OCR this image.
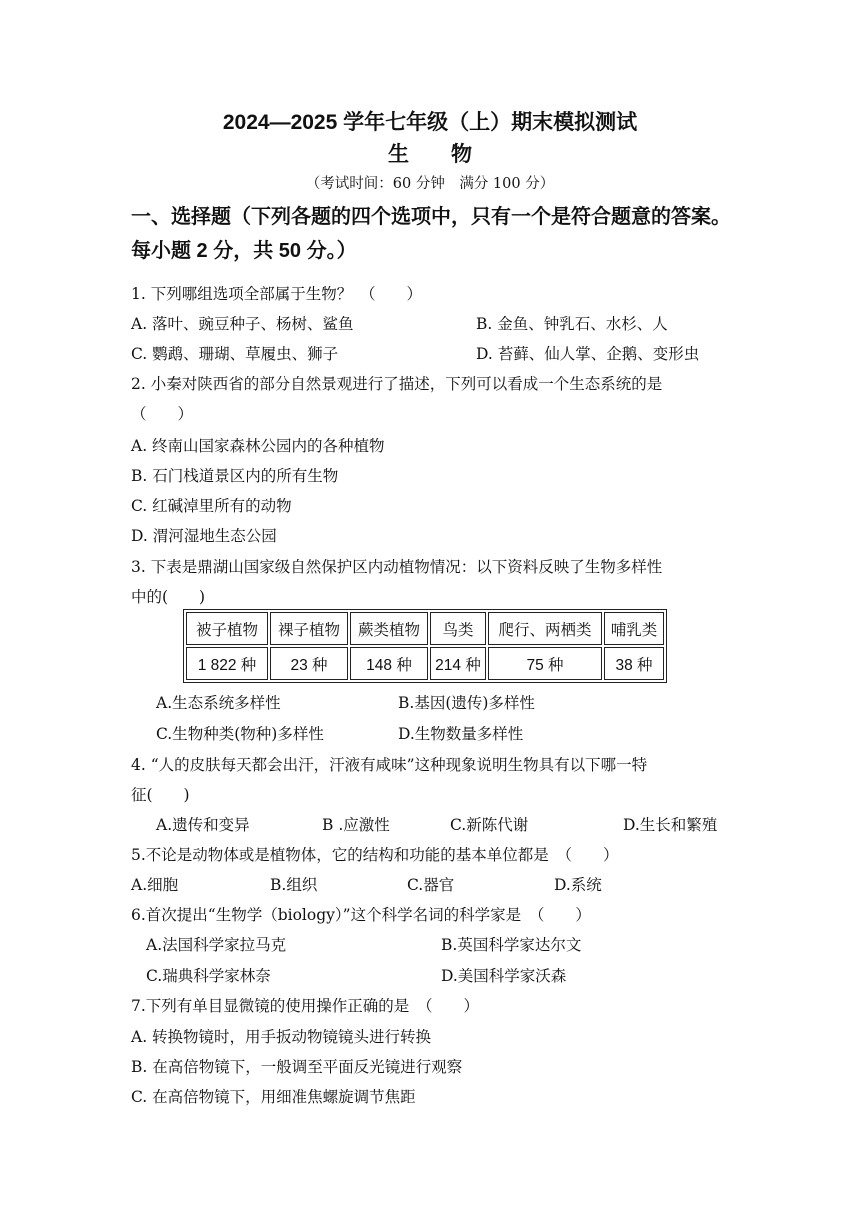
2024—2025 学年七年级（上）期末模拟测试
生　　物
（考试时间：60 分钟　满分 100 分）
一、选择题（下列各题的四个选项中，只有一个是符合题意的答案。
每小题 2 分，共 50 分。）
1. 下列哪组选项全部属于生物？　（　　）
A. 落叶、豌豆种子、杨树、鲨鱼	B. 金鱼、钟乳石、水杉、人
C. 鹦鹉、珊瑚、草履虫、狮子	D. 苔藓、仙人掌、企鹅、变形虫
2. 小秦对陕西省的部分自然景观进行了描述，下列可以看成一个生态系统的是
（　　）
A. 终南山国家森林公园内的各种植物
B. 石门栈道景区内的所有生物
C. 红碱淖里所有的动物
D. 渭河湿地生态公园
3. 下表是鼎湖山国家级自然保护区内动植物情况：以下资料反映了生物多样性
中的(　　)
被子植物	裸子植物	蕨类植物	鸟类	爬行、两栖类	哺乳类
1 822 种	23 种	148 种	214 种	75 种	38 种
A.生态系统多样性	B.基因(遗传)多样性
C.生物种类(物种)多样性	D.生物数量多样性
4. “人的皮肤每天都会出汗，汗液有咸味”这种现象说明生物具有以下哪一特
征(　　)
A.遗传和变异	B .应激性	C.新陈代谢	D.生长和繁殖
5.不论是动物体或是植物体，它的结构和功能的基本单位都是　（　　）
A.细胞	B.组织	C.器官	D.系统
6.首次提出“生物学（biology）”这个科学名词的科学家是　（　　）
A.法国科学家拉马克	B.英国科学家达尔文
C.瑞典科学家林奈	D.美国科学家沃森
7.下列有单目显微镜的使用操作正确的是　（　　）
A. 转换物镜时，用手扳动物镜镜头进行转换
B. 在高倍物镜下，一般调至平面反光镜进行观察
C. 在高倍物镜下，用细准焦螺旋调节焦距
